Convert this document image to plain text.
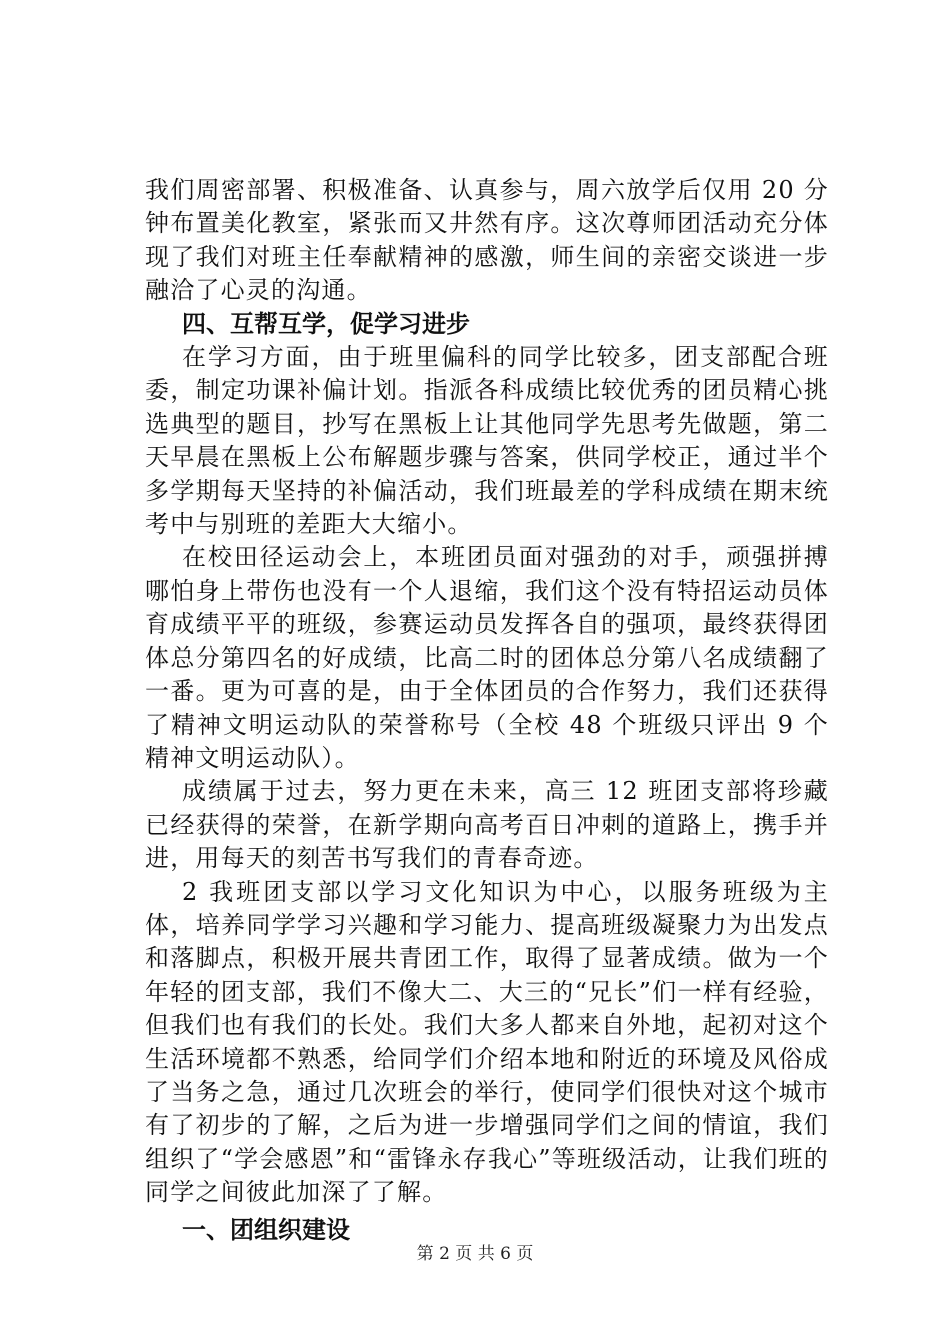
我们周密部署、积极准备、认真参与，周六放学后仅用 20 分钟布置美化教室，紧张而又井然有序。这次尊师团活动充分体现了我们对班主任奉献精神的感激，师生间的亲密交谈进一步融洽了心灵的沟通。

四、互帮互学，促学习进步

在学习方面，由于班里偏科的同学比较多，团支部配合班委，制定功课补偏计划。指派各科成绩比较优秀的团员精心挑选典型的题目，抄写在黑板上让其他同学先思考先做题，第二天早晨在黑板上公布解题步骤与答案，供同学校正，通过半个多学期每天坚持的补偏活动，我们班最差的学科成绩在期末统考中与别班的差距大大缩小。

在校田径运动会上，本班团员面对强劲的对手，顽强拼搏哪怕身上带伤也没有一个人退缩，我们这个没有特招运动员体育成绩平平的班级，参赛运动员发挥各自的强项，最终获得团体总分第四名的好成绩，比高二时的团体总分第八名成绩翻了一番。更为可喜的是，由于全体团员的合作努力，我们还获得了精神文明运动队的荣誉称号（全校 48 个班级只评出 9 个精神文明运动队）。

成绩属于过去，努力更在未来，高三 12 班团支部将珍藏已经获得的荣誉，在新学期向高考百日冲刺的道路上，携手并进，用每天的刻苦书写我们的青春奇迹。

2 我班团支部以学习文化知识为中心，以服务班级为主体，培养同学学习兴趣和学习能力、提高班级凝聚力为出发点和落脚点，积极开展共青团工作，取得了显著成绩。做为一个年轻的团支部，我们不像大二、大三的“兄长”们一样有经验，但我们也有我们的长处。我们大多人都来自外地，起初对这个生活环境都不熟悉，给同学们介绍本地和附近的环境及风俗成了当务之急，通过几次班会的举行，使同学们很快对这个城市有了初步的了解，之后为进一步增强同学们之间的情谊，我们组织了“学会感恩”和“雷锋永存我心”等班级活动，让我们班的同学之间彼此加深了了解。

一、团组织建设

第 2 页 共 6 页
